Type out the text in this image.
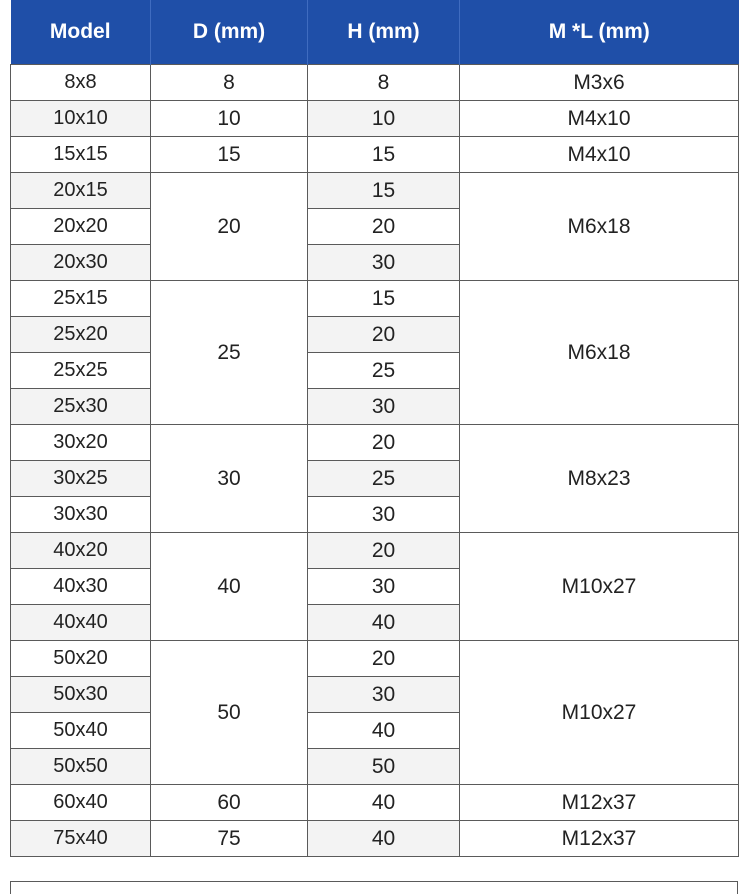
Model	D (mm)	H (mm)	M *L (mm)
8x8	8	8	M3x6
10x10	10	10	M4x10
15x15	15	15	M4x10
20x15	20	15	M6x18
20x20		20	
20x30		30	
25x15	25	15	M6x18
25x20		20	
25x25		25	
25x30		30	
30x20	30	20	M8x23
30x25		25	
30x30		30	
40x20	40	20	M10x27
40x30		30	
40x40		40	
50x20	50	20	M10x27
50x30		30	
50x40		40	
50x50		50	
60x40	60	40	M12x37
75x40	75	40	M12x37
